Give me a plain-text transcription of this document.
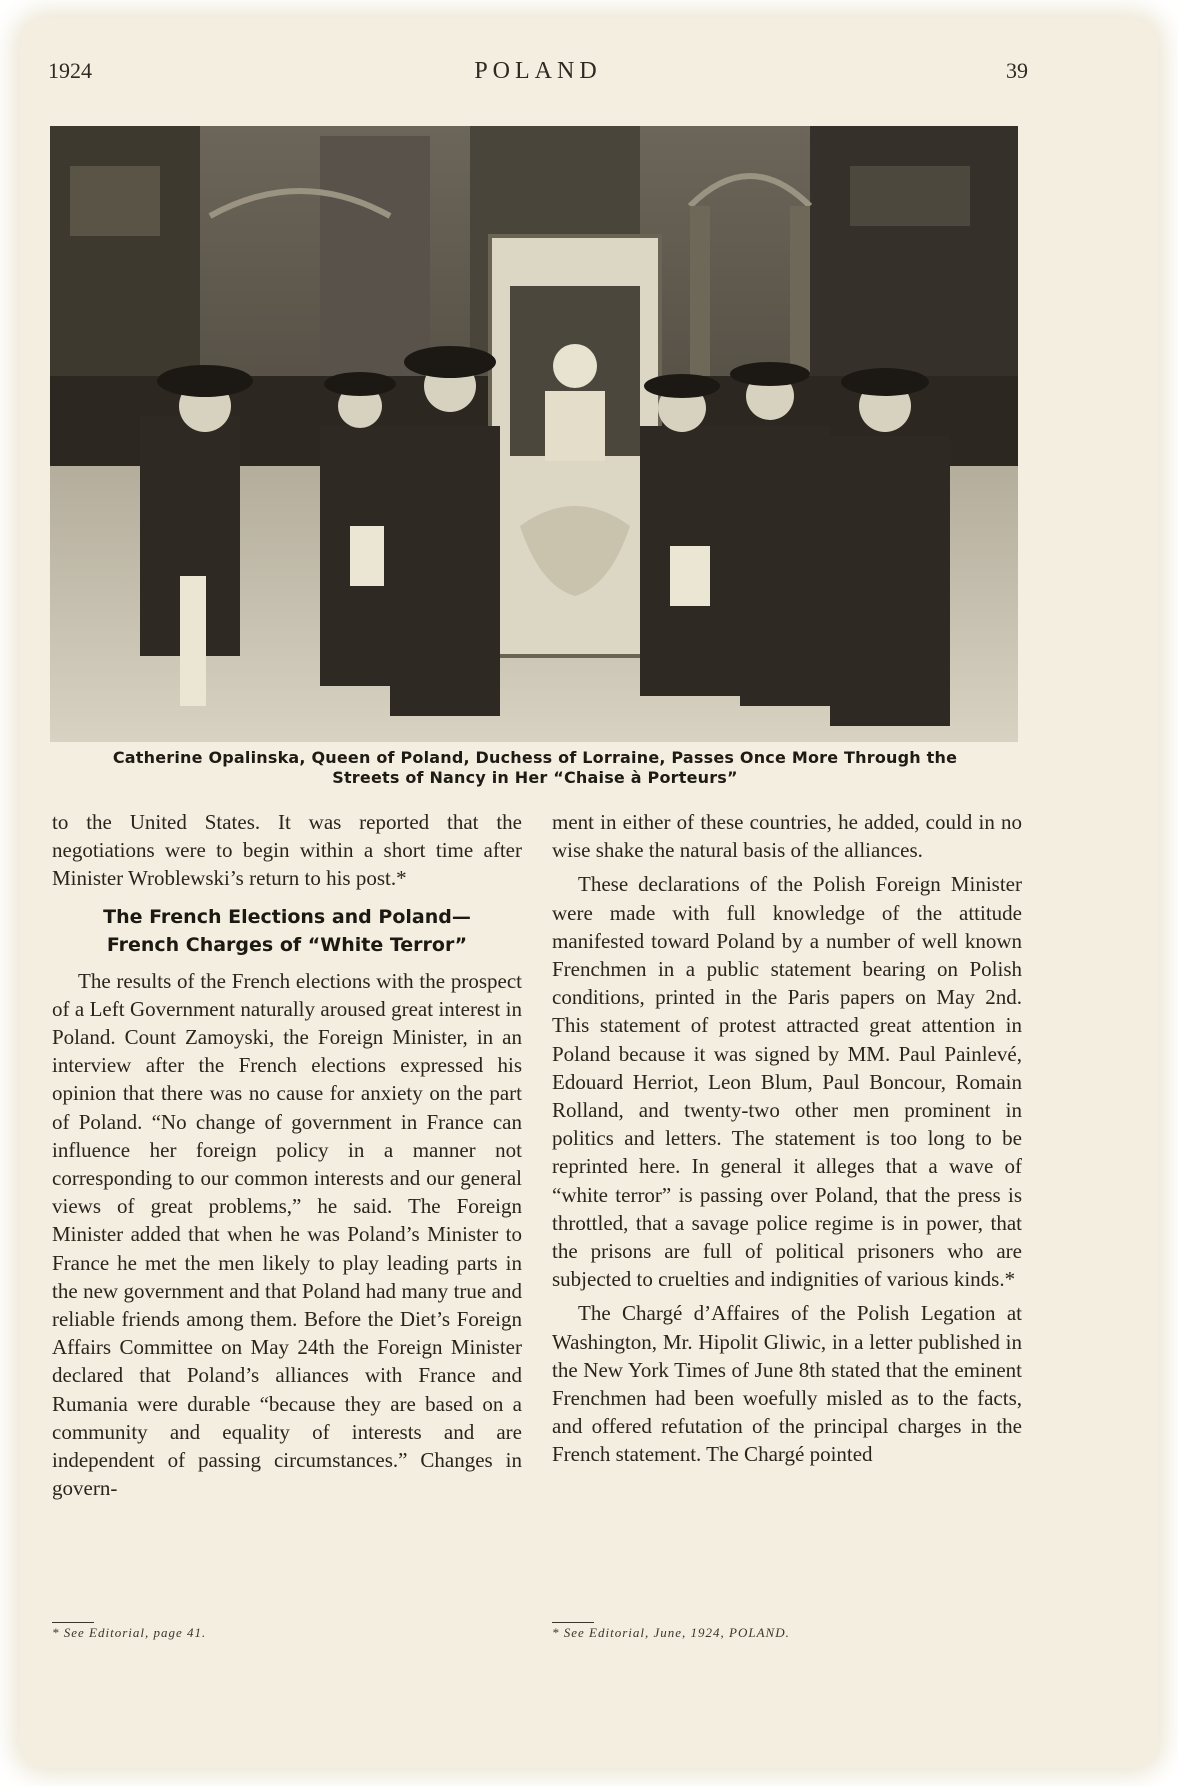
1924	POLAND	39
Catherine Opalinska, Queen of Poland, Duchess of Lorraine, Passes Once More Through the
Streets of Nancy in Her “Chaise à Porteurs”

to the United States. It was reported that the negotiations were to begin within a short time after Minister Wroblewski’s return to his post.*

The French Elections and Poland—
French Charges of “White Terror”

The results of the French elections with the prospect of a Left Government naturally aroused great interest in Poland. Count Zamoyski, the Foreign Minister, in an interview after the French elections expressed his opinion that there was no cause for anxiety on the part of Poland. “No change of government in France can influence her foreign policy in a manner not corresponding to our common interests and our general views of great problems,” he said. The Foreign Minister added that when he was Poland’s Minister to France he met the men likely to play leading parts in the new government and that Poland had many true and reliable friends among them. Before the Diet’s Foreign Affairs Committee on May 24th the Foreign Minister declared that Poland’s alliances with France and Rumania were durable “because they are based on a community and equality of interests and are independent of passing circumstances.” Changes in govern-

ment in either of these countries, he added, could in no wise shake the natural basis of the alliances.

These declarations of the Polish Foreign Minister were made with full knowledge of the attitude manifested toward Poland by a number of well known Frenchmen in a public statement bearing on Polish conditions, printed in the Paris papers on May 2nd. This statement of protest attracted great attention in Poland because it was signed by MM. Paul Painlevé, Edouard Herriot, Leon Blum, Paul Boncour, Romain Rolland, and twenty-two other men prominent in politics and letters. The statement is too long to be reprinted here. In general it alleges that a wave of “white terror” is passing over Poland, that the press is throttled, that a savage police regime is in power, that the prisons are full of political prisoners who are subjected to cruelties and indignities of various kinds.*

The Chargé d’Affaires of the Polish Legation at Washington, Mr. Hipolit Gliwic, in a letter published in the New York Times of June 8th stated that the eminent Frenchmen had been woefully misled as to the facts, and offered refutation of the principal charges in the French statement. The Chargé pointed

* See Editorial, page 41.	* See Editorial, June, 1924, POLAND.
